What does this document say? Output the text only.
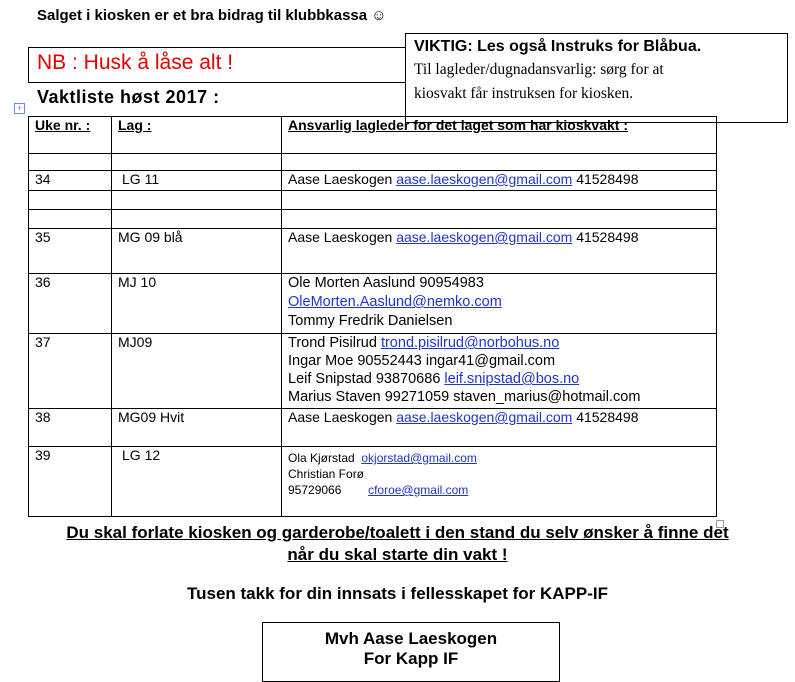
Salget i kiosken er et bra bidrag til klubbkassa ☺
NB : Husk å låse alt !
VIKTIG: Les også Instruks for Blåbua.
Til lagleder/dugnadansvarlig: sørg for at
kiosvakt får instruksen for kiosken.
Vaktliste høst 2017 :
+
Uke nr. :	Lag :	Ansvarlig lagleder for det laget som har kioskvakt :

34	LG 11	Aase Laeskogen aase.laeskogen@gmail.com 41528498

35	MG 09 blå	Aase Laeskogen aase.laeskogen@gmail.com 41528498
36	MJ 10	Ole Morten Aaslund 90954983
OleMorten.Aaslund@nemko.com
Tommy Fredrik Danielsen

37	MJ09	Trond Pisilrud trond.pisilrud@norbohus.no
Ingar Moe 90552443 ingar41@gmail.com
Leif Snipstad 93870686 leif.snipstad@bos.no
Marius Staven 99271059 staven_marius@hotmail.com

38	MG09 Hvit	Aase Laeskogen aase.laeskogen@gmail.com 41528498
39	LG 12	Ola Kjørstad okjorstad@gmail.com
Christian Forø
95729066 cforoe@gmail.com
Du skal forlate kiosken og garderobe/toalett i den stand du selv ønsker å finne det
når du skal starte din vakt !
Tusen takk for din innsats i fellesskapet for KAPP-IF
Mvh Aase Laeskogen
For Kapp IF
